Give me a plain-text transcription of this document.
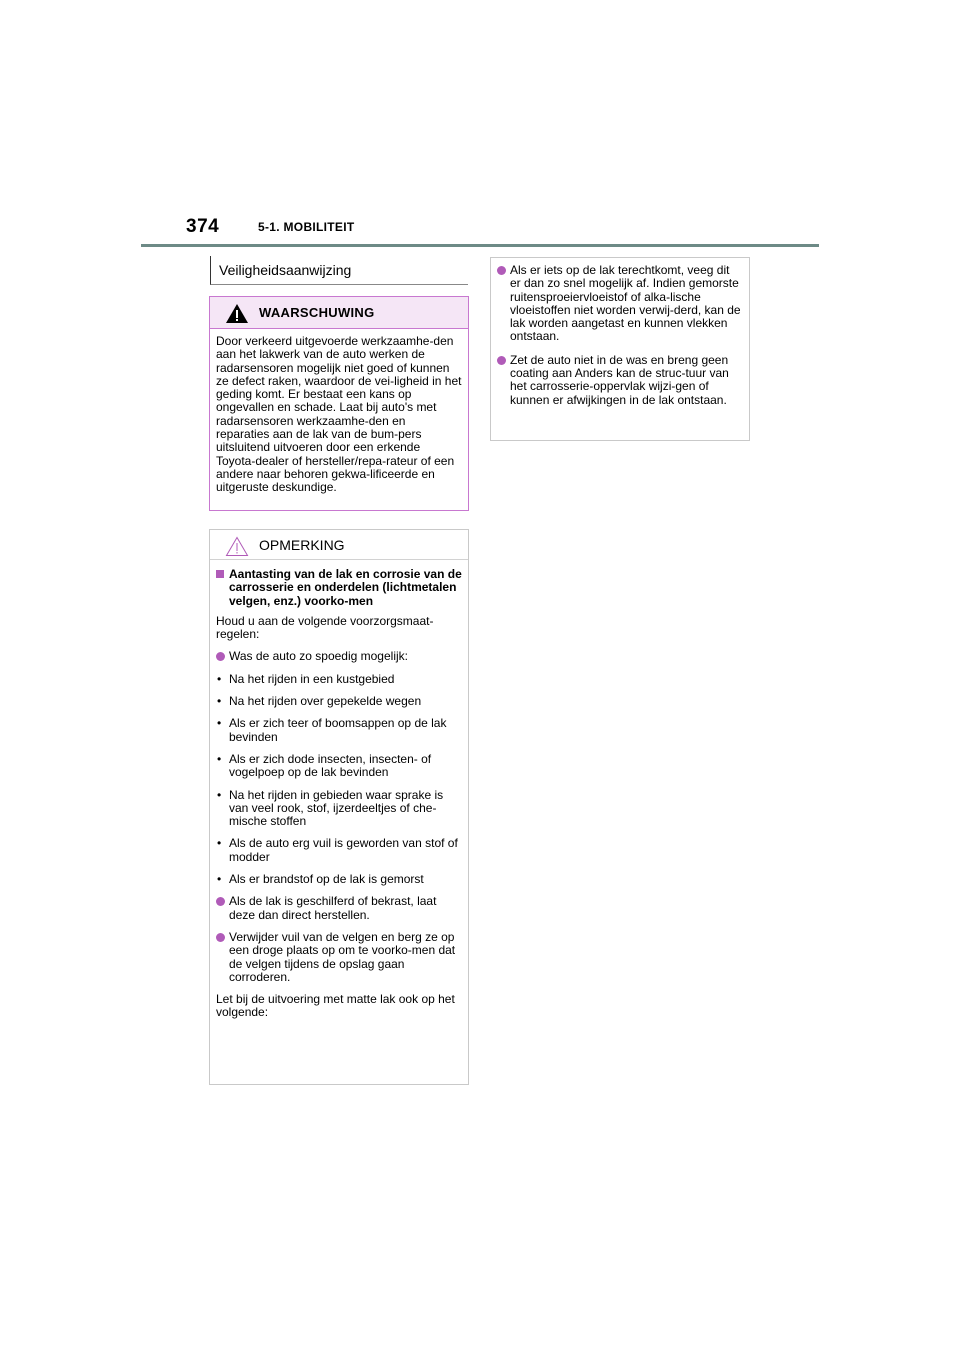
374	5-1. MOBILITEIT
Veiligheidsaanwijzing
WAARSCHUWING

Door verkeerd uitgevoerde werkzaamhe-den aan het lakwerk van de auto werken de radarsensoren mogelijk niet goed of kunnen ze defect raken, waardoor de vei-ligheid in het geding komt. Er bestaat een kans op ongevallen en schade. Laat bij auto's met radarsensoren werkzaamhe-den en reparaties aan de lak van de bum-pers uitsluitend uitvoeren door een erkende Toyota-dealer of hersteller/repa-rateur of een andere naar behoren gekwa-lificeerde en uitgeruste deskundige.

OPMERKING
Aantasting van de lak en corrosie van de carrosserie en onderdelen (lichtmetalen velgen, enz.) voorko-men

Houd u aan de volgende voorzorgsmaat-regelen:

Was de auto zo spoedig mogelijk:
• Na het rijden in een kustgebied
• Na het rijden over gepekelde wegen
• Als er zich teer of boomsappen op de lak bevinden
• Als er zich dode insecten, insecten- of vogelpoep op de lak bevinden
• Na het rijden in gebieden waar sprake is van veel rook, stof, ijzerdeeltjes of che-mische stoffen
• Als de auto erg vuil is geworden van stof of modder
• Als er brandstof op de lak is gemorst
Als de lak is geschilferd of bekrast, laat deze dan direct herstellen.
Verwijder vuil van de velgen en berg ze op een droge plaats op om te voorko-men dat de velgen tijdens de opslag gaan corroderen.

Let bij de uitvoering met matte lak ook op het volgende:

Als er iets op de lak terechtkomt, veeg dit er dan zo snel mogelijk af. Indien gemorste ruitensproeiervloeistof of alka-lische vloeistoffen niet worden verwij-derd, kan de lak worden aangetast en kunnen vlekken ontstaan.
Zet de auto niet in de was en breng geen coating aan Anders kan de struc-tuur van het carrosserie-oppervlak wijzi-gen of kunnen er afwijkingen in de lak ontstaan.
